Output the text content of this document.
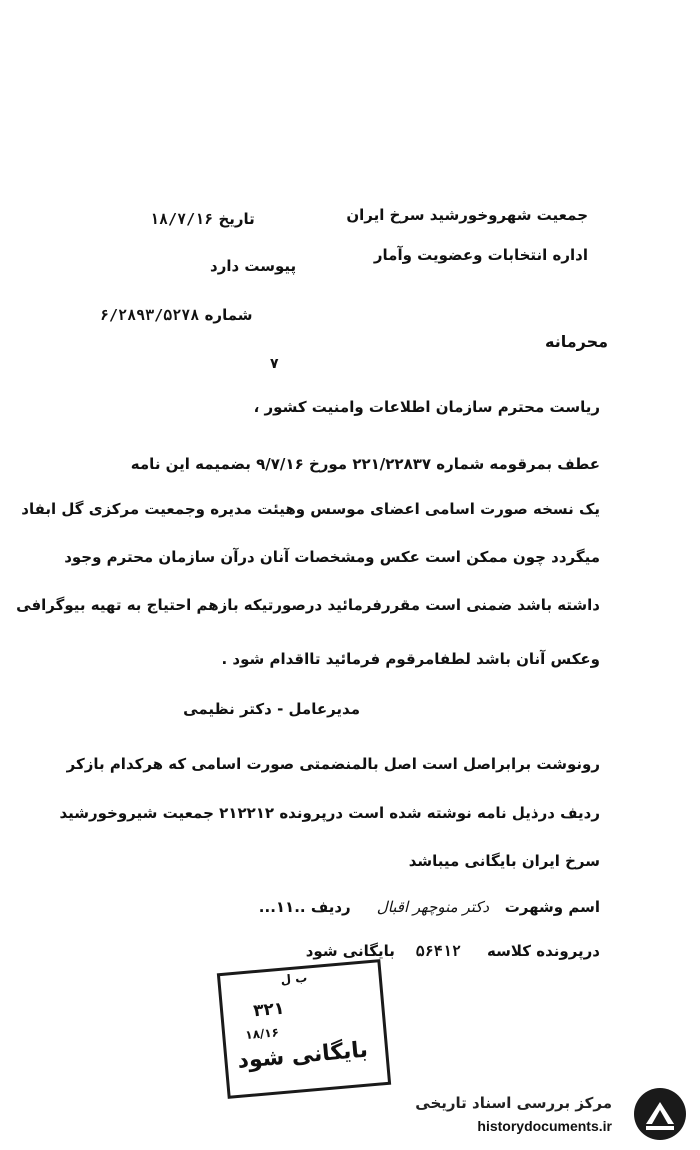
جمعیت شهروخورشید سرخ ایران
اداره انتخابات وعضویت وآمار
تاریخ ۱۸/۷/۱۶
پیوست دارد
شماره ۶/۲۸۹۳/۵۲۷۸
محرمانه
۷
ریاست محترم سازمان اطلاعات وامنیت کشور ،
عطف بمرقومه شماره ۲۲۱/۲۲۸۳۷ مورخ ۹/۷/۱۶ بضمیمه این نامه
یک نسخه صورت اسامی اعضای موسس وهیئت مدیره وجمعیت مرکزی گل ابفاد
میگردد چون ممکن است عکس ومشخصات آنان درآن سازمان محترم وجود
داشته باشد ضمنی است مقررفرمائید درصورتیکه بازهم احتیاج به تهیه بیوگرافی
وعکس آنان باشد لطفامرقوم فرمائید تااقدام شود .
مدیرعامل - دکتر نظیمی
رونوشت برابراصل است اصل بالمنضمتی صورت اسامی که هرکدام بازکر
ردیف درذیل نامه نوشته شده است درپرونده ۲۱۲۲۱۲ جمعیت شیروخورشید
سرخ ایران بایگانی میباشد
اسم وشهرت   دکتر منوچهر اقبال     ردیف ..۱۱...
درپرونده کلاسه     ۵۶۴۱۲    بایگانی شود
ب ل
۳۲۱
۱۸/۱۶
بایگانی شود
مرکز بررسی اسناد تاریخی
historydocuments.ir
